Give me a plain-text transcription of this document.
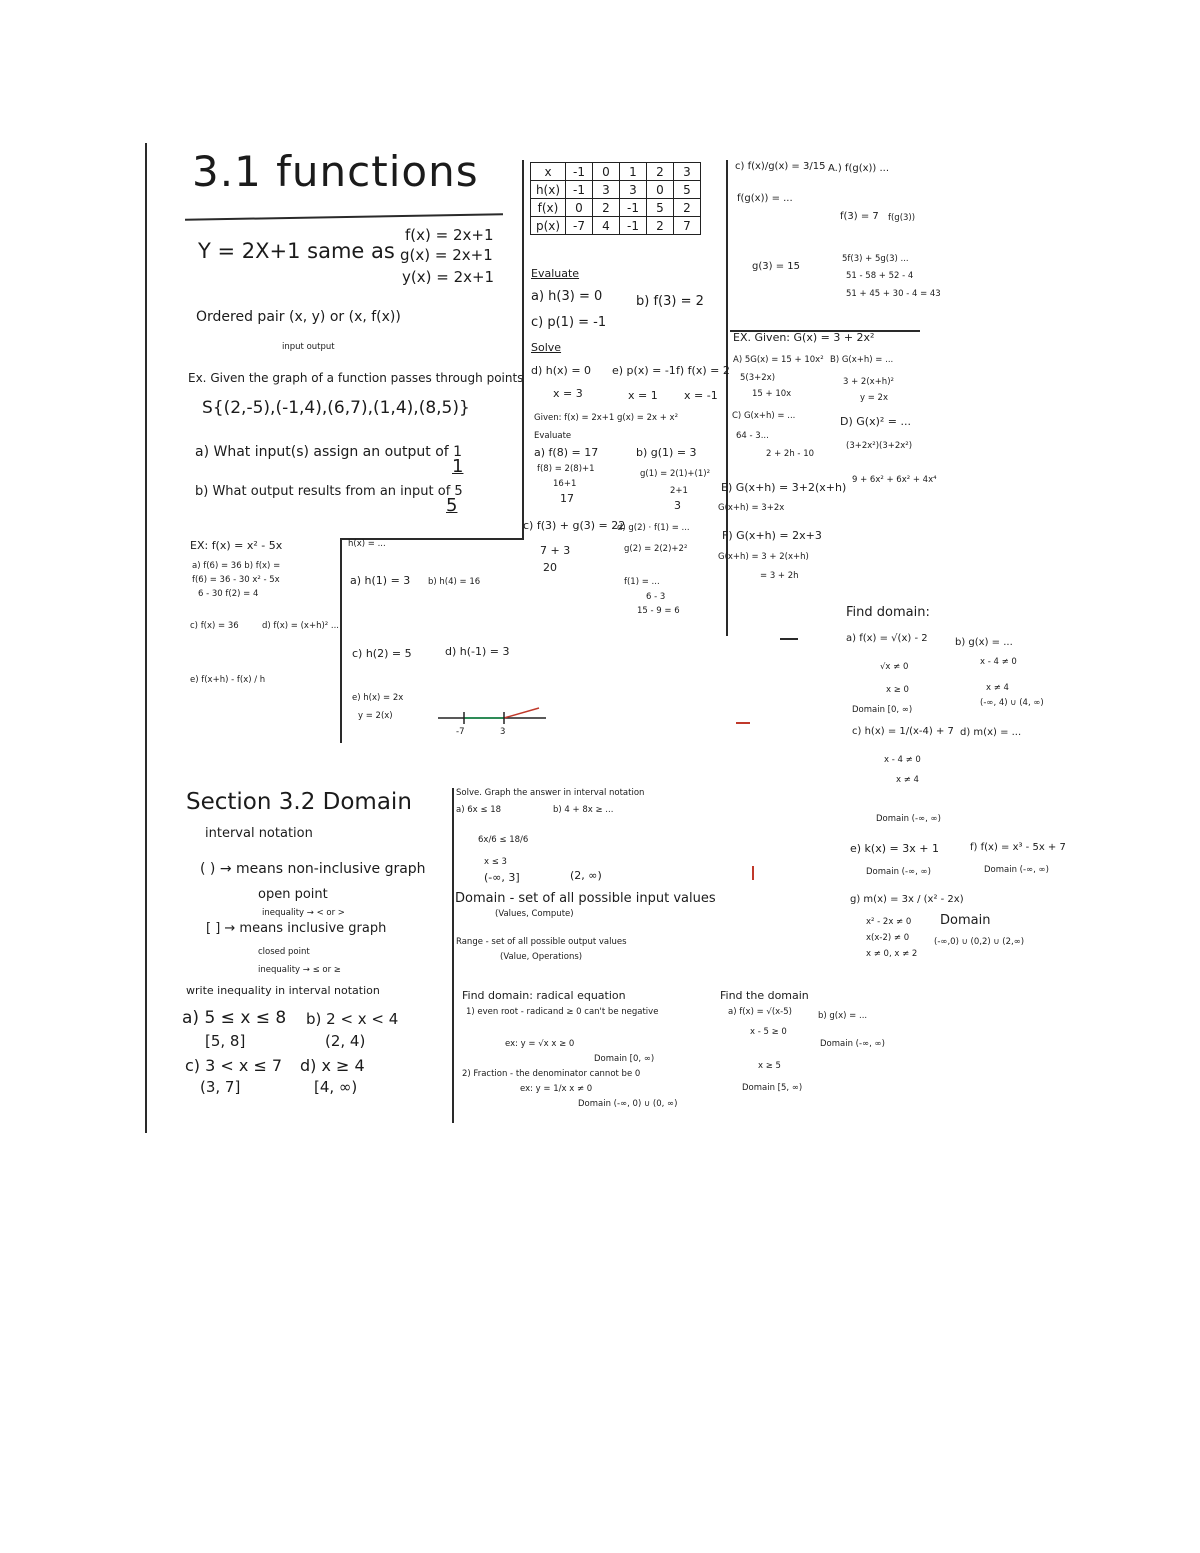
3.1 functions
Y = 2X+1 same as
f(x) = 2x+1
g(x) = 2x+1
y(x) = 2x+1
Ordered pair (x, y) or (x, f(x))
input output
Ex. Given the graph of a function passes through points
S{(2,-5),(-1,4),(6,7),(1,4),(8,5)}
a) What input(s) assign an output of 1
1
b) What output results from an input of 5
5
EX: f(x) = x² - 5x
a) f(6) = 36 b) f(x) =
f(6) = 36 - 30 x² - 5x
6 - 30 f(2) = 4
c) f(x) = 36	d) f(x) = (x+h)² ...
e) f(x+h) - f(x) / h
h(x) = ...
a) h(1) = 3 b) h(4) = 16
c) h(2) = 5	d) h(-1) = 3
e) h(x) = 2x
y = 2(x)
-7	3
Section 3.2 Domain
interval notation
( ) → means non-inclusive graph
open point
inequality → < or >
[ ] → means inclusive graph
closed point
inequality → ≤ or ≥
write inequality in interval notation
a) 5 ≤ x ≤ 8
[5, 8]
b) 2 < x < 4
(2, 4)
c) 3 < x ≤ 7
(3, 7]
d) x ≥ 4
[4, ∞)
x	-1	0	1	2	3
h(x)	-1	3	3	0	5
f(x)	0	2	-1	5	2
p(x)	-7	4	-1	2	7
Evaluate
a) h(3) = 0	b) f(3) = 2
c) p(1) = -1
Solve
d) h(x) = 0 e) p(x) = -1 f) f(x) = 2
x = 3	x = 1 x = -1
Given: f(x) = 2x+1 g(x) = 2x + x²
Evaluate
a) f(8) = 17	b) g(1) = 3
f(8) = 2(8)+1	g(1) = 2(1)+(1)²
16+1
2+1
17
3
c) f(3) + g(3) = 22
d) g(2) · f(1) = ...
7 + 3	g(2) = 2(2)+2²
20
f(1) = ...
6 - 3
15 - 9 = 6
Solve. Graph the answer in interval notation
a) 6x ≤ 18	b) 4 + 8x ≥ ...
6x/6 ≤ 18/6
x ≤ 3
(-∞, 3]	(2, ∞)
Domain - set of all possible input values
(Values, Compute)
Range - set of all possible output values
(Value, Operations)
Find domain: radical equation
1) even root - radicand ≥ 0 can't be negative
ex: y = √x x ≥ 0
Domain [0, ∞)
2) Fraction - the denominator cannot be 0
ex: y = 1/x x ≠ 0
Domain (-∞, 0) ∪ (0, ∞)
c) f(x)/g(x) = 3/15 A.) f(g(x)) ...
f(g(x)) = ...
f(3) = 7
g(3) = 15
f(g(3))
5f(3) + 5g(3) ...
51 - 58 + 52 - 4
51 + 45 + 30 - 4 = 43
EX. Given: G(x) = 3 + 2x²
A) 5G(x) = 15 + 10x² B) G(x+h) = ...
5(3+2x)	3 + 2(x+h)²
15 + 10x	y = 2x
C) G(x+h) = ...	D) G(x)² = ...
64 - 3...
(3+2x²)(3+2x²)
2 + 2h - 10
9 + 6x² + 6x² + 4x⁴
E) G(x+h) = 3+2(x+h)
G(x+h) = 3+2x
F) G(x+h) = 2x+3
G(x+h) = 3 + 2(x+h)
= 3 + 2h
Find domain:
a) f(x) = √(x) - 2	b) g(x) = ...
√x ≠ 0
x ≥ 0
x - 4 ≠ 0
x ≠ 4
Domain [0, ∞)
(-∞, 4) ∪ (4, ∞)
c) h(x) = 1/(x-4) + 7 d) m(x) = ...
x - 4 ≠ 0
x ≠ 4
Domain (-∞, ∞)
e) k(x) = 3x + 1
Domain (-∞, ∞)
f) f(x) = x³ - 5x + 7
Domain (-∞, ∞)
g) m(x) = 3x / (x² - 2x)
Domain
x² - 2x ≠ 0
x(x-2) ≠ 0
x ≠ 0, x ≠ 2
(-∞,0) ∪ (0,2) ∪ (2,∞)
Find the domain
a) f(x) = √(x-5)
x - 5 ≥ 0
x ≥ 5
Domain [5, ∞)
b) g(x) = ...
Domain (-∞, ∞)
